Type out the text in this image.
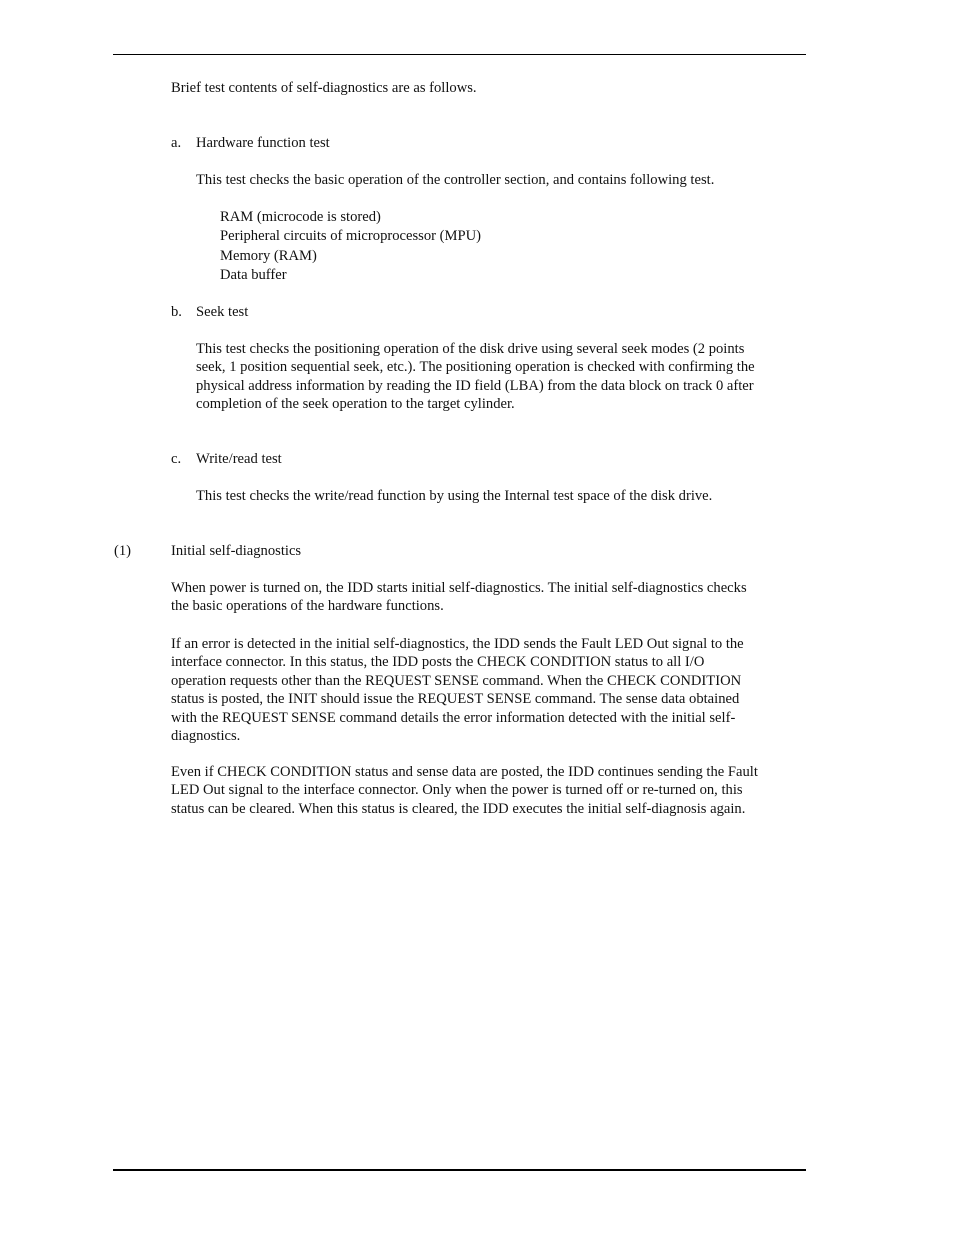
Brief test contents of self-diagnostics are as follows.
a. Hardware function test
This test checks the basic operation of the controller section, and contains following test.
RAM (microcode is stored)
Peripheral circuits of microprocessor (MPU)
Memory (RAM)
Data buffer
b. Seek test
This test checks the positioning operation of the disk drive using several seek modes (2 points
seek, 1 position sequential seek, etc.). The positioning operation is checked with confirming the
physical address information by reading the ID field (LBA) from the data block on track 0 after
completion of the seek operation to the target cylinder.
c. Write/read test
This test checks the write/read function by using the Internal test space of the disk drive.
(1)	Initial self-diagnostics
When power is turned on, the IDD starts initial self-diagnostics. The initial self-diagnostics checks
the basic operations of the hardware functions.
If an error is detected in the initial self-diagnostics, the IDD sends the Fault LED Out signal to the
interface connector. In this status, the IDD posts the CHECK CONDITION status to all I/O
operation requests other than the REQUEST SENSE command. When the CHECK CONDITION
status is posted, the INIT should issue the REQUEST SENSE command. The sense data obtained
with the REQUEST SENSE command details the error information detected with the initial self-
diagnostics.
Even if CHECK CONDITION status and sense data are posted, the IDD continues sending the Fault
LED Out signal to the interface connector. Only when the power is turned off or re-turned on, this
status can be cleared. When this status is cleared, the IDD executes the initial self-diagnosis again.
